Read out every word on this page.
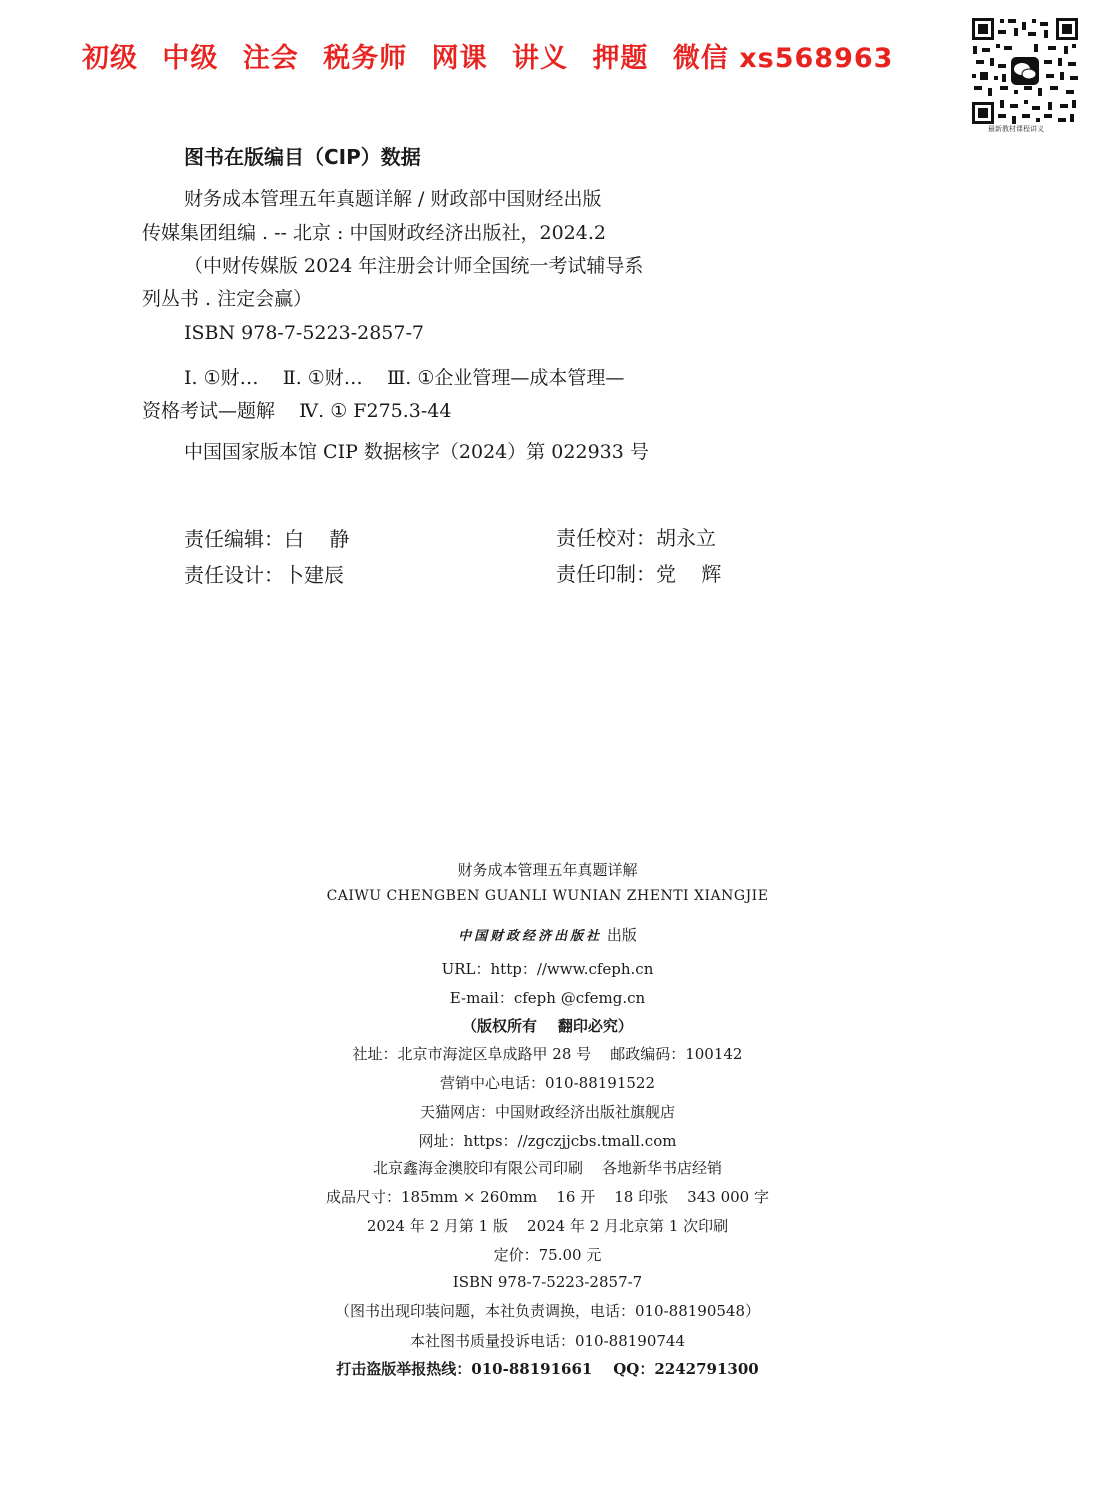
初级 中级 注会 税务师 网课 讲义 押题 微信 xs568963
最新教材课程讲义
图书在版编目（CIP）数据
财务成本管理五年真题详解 / 财政部中国财经出版
传媒集团组编 . -- 北京 : 中国财政经济出版社，2024.2
（中财传媒版 2024 年注册会计师全国统一考试辅导系
列丛书 . 注定会赢）
ISBN 978-7-5223-2857-7
Ⅰ. ①财…    Ⅱ. ①财…    Ⅲ. ①企业管理—成本管理—
资格考试—题解    Ⅳ. ① F275.3-44
中国国家版本馆 CIP 数据核字（2024）第 022933 号
责任编辑：白    静	责任校对：胡永立
责任设计：卜建辰	责任印制：党    辉
财务成本管理五年真题详解
CAIWU CHENGBEN GUANLI WUNIAN ZHENTI XIANGJIE
中国财政经济出版社 出版
URL：http：//www.cfeph.cn
E-mail：cfeph @cfemg.cn
（版权所有    翻印必究）
社址：北京市海淀区阜成路甲 28 号    邮政编码：100142
营销中心电话：010-88191522
天猫网店：中国财政经济出版社旗舰店
网址：https：//zgczjjcbs.tmall.com
北京鑫海金澳胶印有限公司印刷    各地新华书店经销
成品尺寸：185mm × 260mm    16 开    18 印张    343 000 字
2024 年 2 月第 1 版    2024 年 2 月北京第 1 次印刷
定价：75.00 元
ISBN 978-7-5223-2857-7
（图书出现印装问题，本社负责调换，电话：010-88190548）
本社图书质量投诉电话：010-88190744
打击盗版举报热线：010-88191661    QQ：2242791300
